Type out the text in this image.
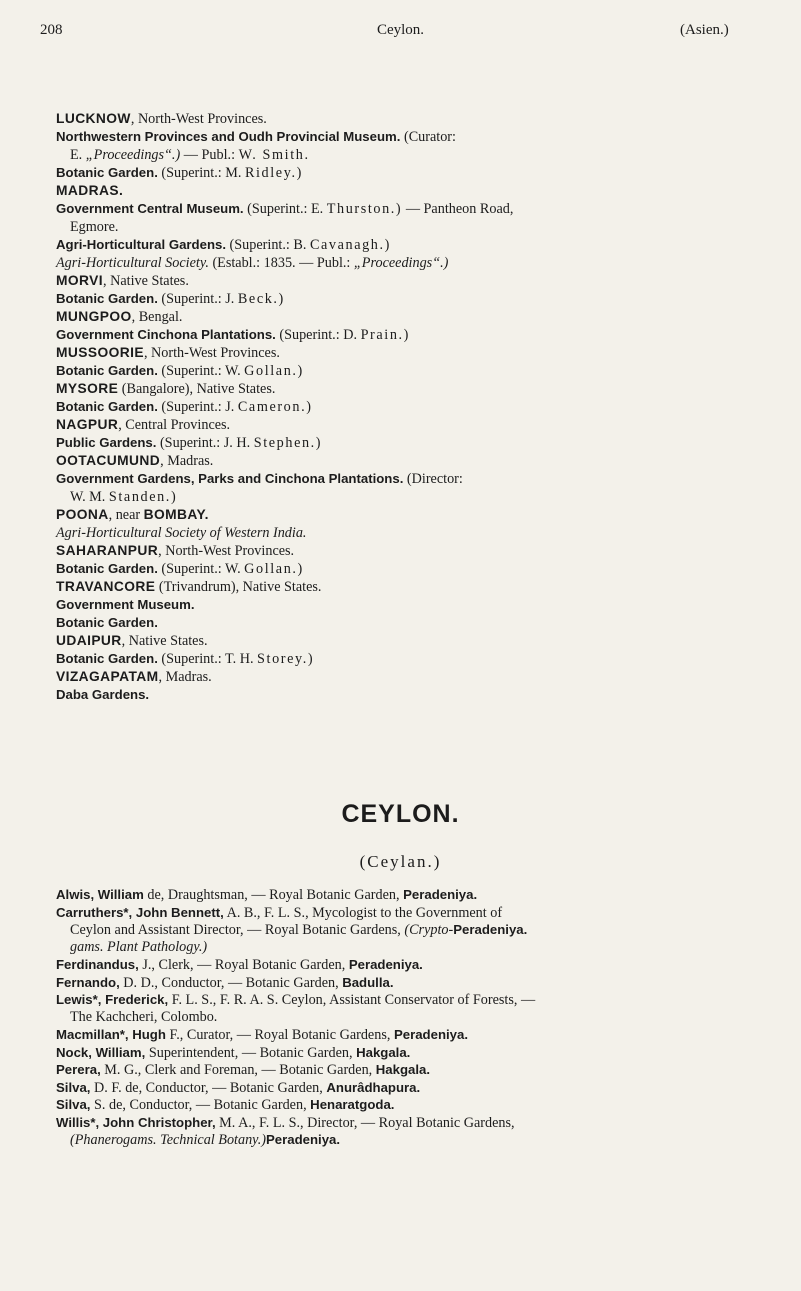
208	Ceylon.	(Asien.)
LUCKNOW, North-West Provinces.
Northwestern Provinces and Oudh Provincial Museum. (Curator:
E. „Proceedings“.) — Publ.: W. Smith.
Botanic Garden. (Superint.: M. Ridley.)
MADRAS.
Government Central Museum. (Superint.: E. Thurston.) — Pantheon Road,
Egmore.
Agri-Horticultural Gardens. (Superint.: B. Cavanagh.)
Agri-Horticultural Society. (Establ.: 1835. — Publ.: „Proceedings“.)
MORVI, Native States.
Botanic Garden. (Superint.: J. Beck.)
MUNGPOO, Bengal.
Government Cinchona Plantations. (Superint.: D. Prain.)
MUSSOORIE, North-West Provinces.
Botanic Garden. (Superint.: W. Gollan.)
MYSORE (Bangalore), Native States.
Botanic Garden. (Superint.: J. Cameron.)
NAGPUR, Central Provinces.
Public Gardens. (Superint.: J. H. Stephen.)
OOTACUMUND, Madras.
Government Gardens, Parks and Cinchona Plantations. (Director:
W. M. Standen.)
POONA, near BOMBAY.
Agri-Horticultural Society of Western India.
SAHARANPUR, North-West Provinces.
Botanic Garden. (Superint.: W. Gollan.)
TRAVANCORE (Trivandrum), Native States.
Government Museum.
Botanic Garden.
UDAIPUR, Native States.
Botanic Garden. (Superint.: T. H. Storey.)
VIZAGAPATAM, Madras.
Daba Gardens.
CEYLON.
(Ceylan.)
Alwis, William de, Draughtsman, — Royal Botanic Garden, Peradeniya.
Carruthers*, John Bennett, A. B., F. L. S., Mycologist to the Government of
Ceylon and Assistant Director, — Royal Botanic Gardens, (Crypto-Peradeniya.
gams. Plant Pathology.)
Ferdinandus, J., Clerk, — Royal Botanic Garden, Peradeniya.
Fernando, D. D., Conductor, — Botanic Garden, Badulla.
Lewis*, Frederick, F. L. S., F. R. A. S. Ceylon, Assistant Conservator of Forests, —
The Kachcheri, Colombo.
Macmillan*, Hugh F., Curator, — Royal Botanic Gardens, Peradeniya.
Nock, William, Superintendent, — Botanic Garden, Hakgala.
Perera, M. G., Clerk and Foreman, — Botanic Garden, Hakgala.
Silva, D. F. de, Conductor, — Botanic Garden, Anurâdhapura.
Silva, S. de, Conductor, — Botanic Garden, Henaratgoda.
Willis*, John Christopher, M. A., F. L. S., Director, — Royal Botanic Gardens,
(Phanerogams. Technical Botany.)Peradeniya.
